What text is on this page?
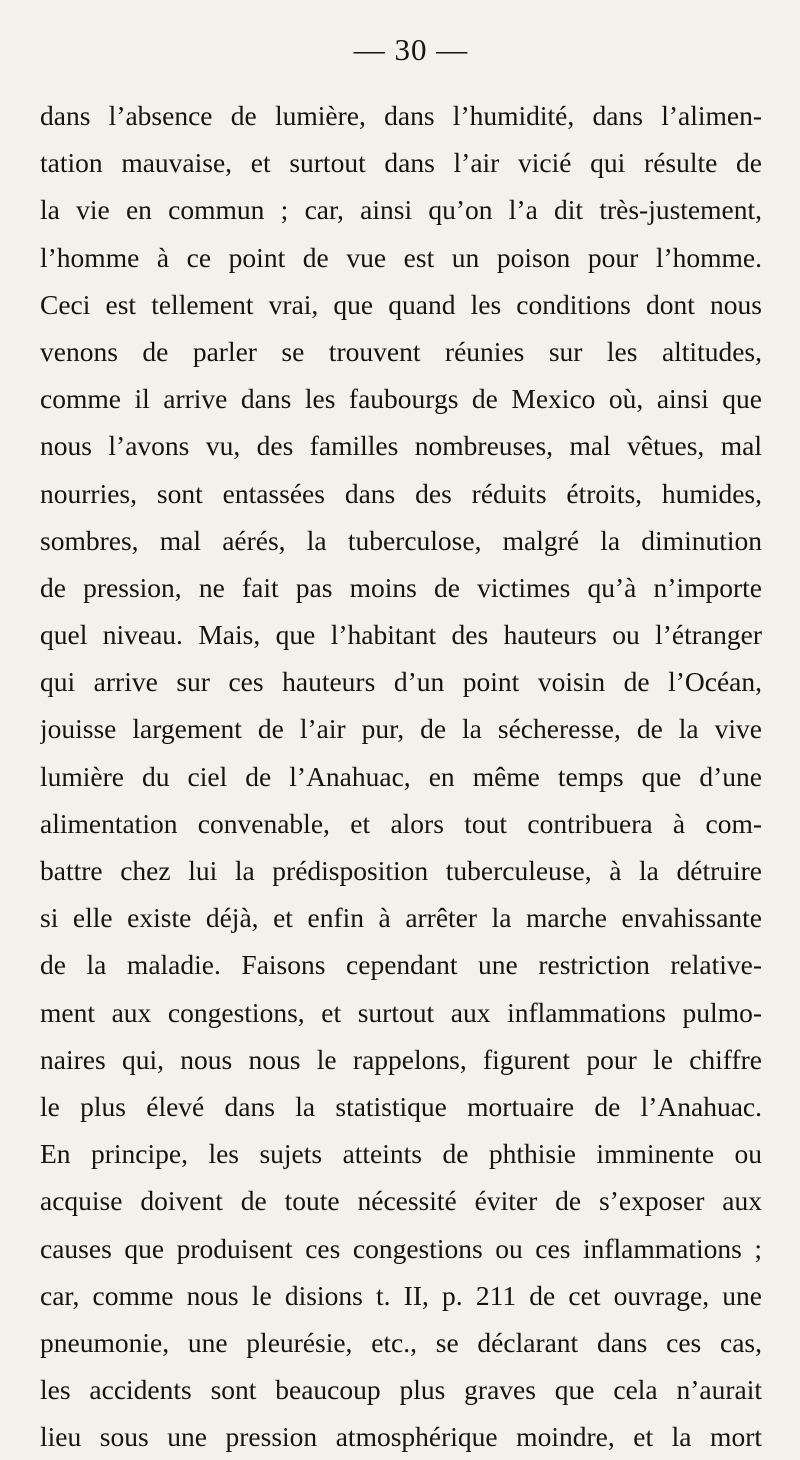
— 30 —
dans l’absence de lumière, dans l’humidité, dans l’alimen-
tation mauvaise, et surtout dans l’air vicié qui résulte de
la vie en commun ; car, ainsi qu’on l’a dit très-justement,
l’homme à ce point de vue est un poison pour l’homme.
Ceci est tellement vrai, que quand les conditions dont nous
venons de parler se trouvent réunies sur les altitudes,
comme il arrive dans les faubourgs de Mexico où, ainsi que
nous l’avons vu, des familles nombreuses, mal vêtues, mal
nourries, sont entassées dans des réduits étroits, humides,
sombres, mal aérés, la tuberculose, malgré la diminution
de pression, ne fait pas moins de victimes qu’à n’importe
quel niveau. Mais, que l’habitant des hauteurs ou l’étranger
qui arrive sur ces hauteurs d’un point voisin de l’Océan,
jouisse largement de l’air pur, de la sécheresse, de la vive
lumière du ciel de l’Anahuac, en même temps que d’une
alimentation convenable, et alors tout contribuera à com-
battre chez lui la prédisposition tuberculeuse, à la détruire
si elle existe déjà, et enfin à arrêter la marche envahissante
de la maladie. Faisons cependant une restriction relative-
ment aux congestions, et surtout aux inflammations pulmo-
naires qui, nous nous le rappelons, figurent pour le chiffre
le plus élevé dans la statistique mortuaire de l’Anahuac.
En principe, les sujets atteints de phthisie imminente ou
acquise doivent de toute nécessité éviter de s’exposer aux
causes que produisent ces congestions ou ces inflammations ;
car, comme nous le disions t. II, p. 211 de cet ouvrage, une
pneumonie, une pleurésie, etc., se déclarant dans ces cas,
les accidents sont beaucoup plus graves que cela n’aurait
lieu sous une pression atmosphérique moindre, et la mort
